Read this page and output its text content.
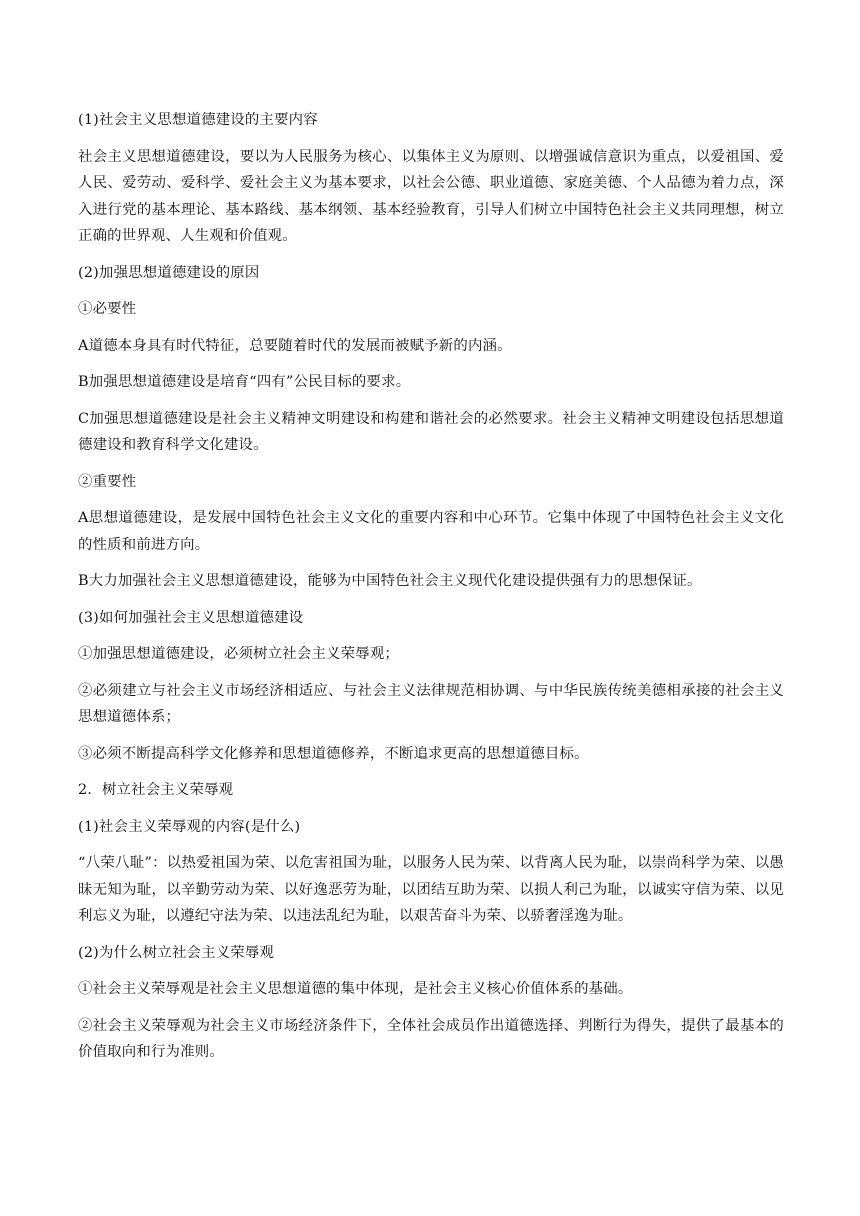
(1)社会主义思想道德建设的主要内容

社会主义思想道德建设，要以为人民服务为核心、以集体主义为原则、以增强诚信意识为重点，以爱祖国、爱人民、爱劳动、爱科学、爱社会主义为基本要求，以社会公德、职业道德、家庭美德、个人品德为着力点，深入进行党的基本理论、基本路线、基本纲领、基本经验教育，引导人们树立中国特色社会主义共同理想，树立正确的世界观、人生观和价值观。

(2)加强思想道德建设的原因

①必要性

A道德本身具有时代特征，总要随着时代的发展而被赋予新的内涵。

B加强思想道德建设是培育“四有”公民目标的要求。

C加强思想道德建设是社会主义精神文明建设和构建和谐社会的必然要求。社会主义精神文明建设包括思想道德建设和教育科学文化建设。

②重要性

A思想道德建设，是发展中国特色社会主义文化的重要内容和中心环节。它集中体现了中国特色社会主义文化的性质和前进方向。

B大力加强社会主义思想道德建设，能够为中国特色社会主义现代化建设提供强有力的思想保证。

(3)如何加强社会主义思想道德建设

①加强思想道德建设，必须树立社会主义荣辱观；

②必须建立与社会主义市场经济相适应、与社会主义法律规范相协调、与中华民族传统美德相承接的社会主义思想道德体系；

③必须不断提高科学文化修养和思想道德修养，不断追求更高的思想道德目标。

2．树立社会主义荣辱观

(1)社会主义荣辱观的内容(是什么)

“八荣八耻”：以热爱祖国为荣、以危害祖国为耻，以服务人民为荣、以背离人民为耻，以崇尚科学为荣、以愚昧无知为耻，以辛勤劳动为荣、以好逸恶劳为耻，以团结互助为荣、以损人利己为耻，以诚实守信为荣、以见利忘义为耻，以遵纪守法为荣、以违法乱纪为耻，以艰苦奋斗为荣、以骄奢淫逸为耻。

(2)为什么树立社会主义荣辱观

①社会主义荣辱观是社会主义思想道德的集中体现，是社会主义核心价值体系的基础。

②社会主义荣辱观为社会主义市场经济条件下，全体社会成员作出道德选择、判断行为得失，提供了最基本的价值取向和行为准则。
